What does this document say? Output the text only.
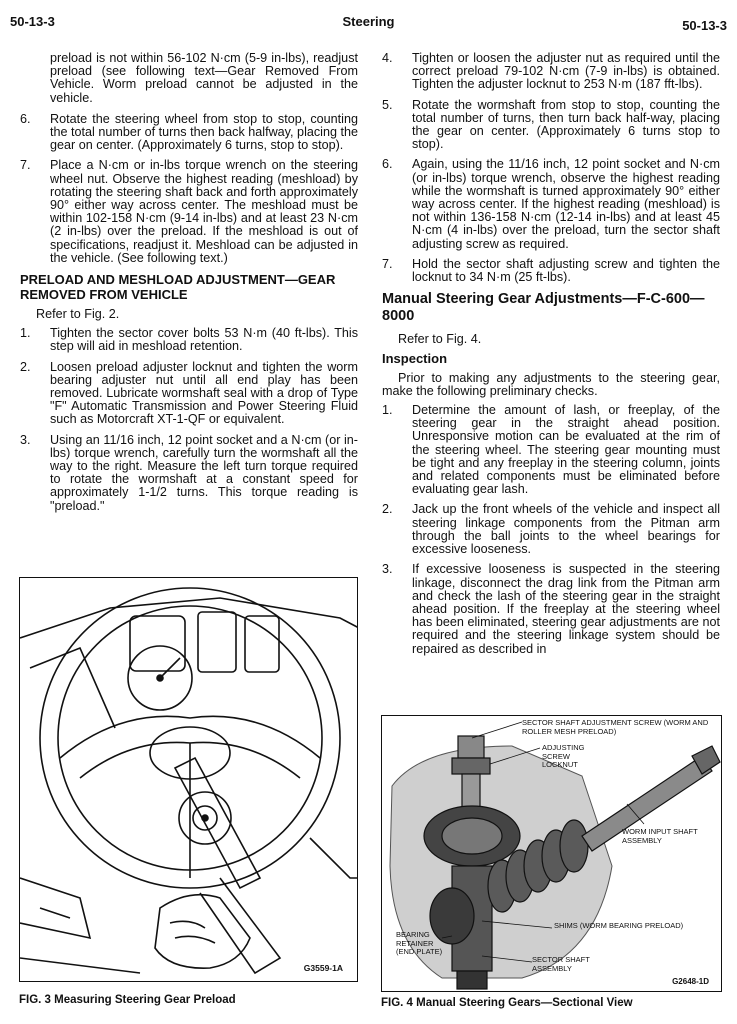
50-13-3	Steering	50-13-3
preload is not within 56-102 N·cm (5-9 in-lbs), readjust preload (see following text—Gear Removed From Vehicle. Worm preload cannot be adjusted in the vehicle.
6.	Rotate the steering wheel from stop to stop, counting the total number of turns then back halfway, placing the gear on center. (Approximately 6 turns, stop to stop).
7.	Place a N·cm or in-lbs torque wrench on the steering wheel nut. Observe the highest reading (meshload) by rotating the steering shaft back and forth approximately 90° either way across center. The meshload must be within 102-158 N·cm (9-14 in-lbs) and at least 23 N·cm (2 in-lbs) over the preload. If the meshload is out of specifications, readjust it. Meshload can be adjusted in the vehicle. (See following text.)
PRELOAD AND MESHLOAD ADJUSTMENT—GEAR REMOVED FROM VEHICLE
Refer to Fig. 2.
1.	Tighten the sector cover bolts 53 N·m (40 ft-lbs). This step will aid in meshload retention.
2.	Loosen preload adjuster locknut and tighten the worm bearing adjuster nut until all end play has been removed. Lubricate wormshaft seal with a drop of Type "F" Automatic Transmission and Power Steering Fluid such as Motorcraft XT-1-QF or equivalent.
3.	Using an 11/16 inch, 12 point socket and a N·cm (or in-lbs) torque wrench, carefully turn the wormshaft all the way to the right. Measure the left turn torque required to rotate the wormshaft at a constant speed for approximately 1-1/2 turns. This torque reading is "preload."
4.	Tighten or loosen the adjuster nut as required until the correct preload 79-102 N·cm (7-9 in-lbs) is obtained. Tighten the adjuster locknut to 253 N·m (187 fft-lbs).
5.	Rotate the wormshaft from stop to stop, counting the total number of turns, then turn back half-way, placing the gear on center. (Approximately 6 turns stop to stop).
6.	Again, using the 11/16 inch, 12 point socket and N·cm (or in-lbs) torque wrench, observe the highest reading while the wormshaft is turned approximately 90° either way across center. If the highest reading (meshload) is not within 136-158 N·cm (12-14 in-lbs) and at least 45 N·cm (4 in-lbs) over the preload, turn the sector shaft adjusting screw as required.
7.	Hold the sector shaft adjusting screw and tighten the locknut to 34 N·m (25 ft-lbs).
Manual Steering Gear Adjustments—F-C-600—8000
Refer to Fig. 4.
Inspection
Prior to making any adjustments to the steering gear, make the following preliminary checks.
1.	Determine the amount of lash, or freeplay, of the steering gear in the straight ahead position. Unresponsive motion can be evaluated at the rim of the steering wheel. The steering gear mounting must be tight and any freeplay in the steering column, joints and related components must be eliminated before evaluating gear lash.
2.	Jack up the front wheels of the vehicle and inspect all steering linkage components from the Pitman arm through the ball joints to the wheel bearings for excessive looseness.
3.	If excessive looseness is suspected in the steering linkage, disconnect the drag link from the Pitman arm and check the lash of the steering gear in the straight ahead position. If the freeplay at the steering wheel has been eliminated, steering gear adjustments are not required and the steering linkage system should be repaired as described in
G3559-1A
FIG. 3 Measuring Steering Gear Preload
SECTOR SHAFT ADJUSTMENT SCREW (WORM AND ROLLER MESH PRELOAD)
ADJUSTING SCREW LOCKNUT
WORM INPUT SHAFT ASSEMBLY
SHIMS (WORM BEARING PRELOAD)
BEARING RETAINER (END PLATE)
SECTOR SHAFT ASSEMBLY
G2648-1D
FIG. 4 Manual Steering Gears—Sectional View
